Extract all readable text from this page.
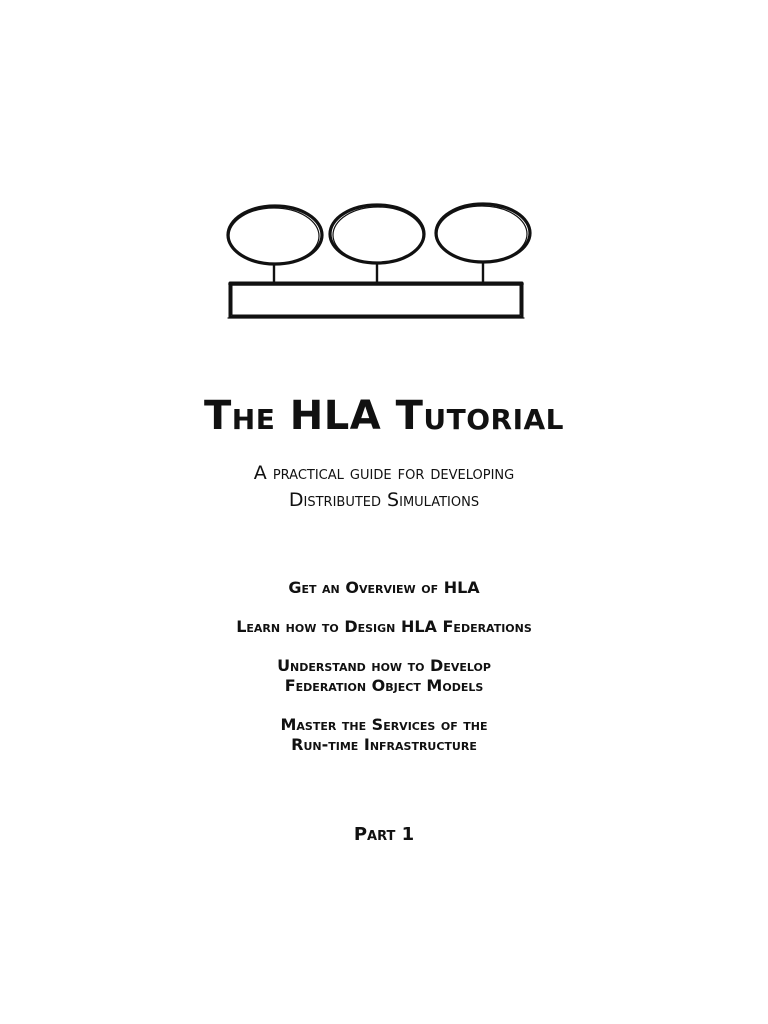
The HLA Tutorial
A practical guide for developing
Distributed Simulations
Get an Overview of HLA
Learn how to Design HLA Federations
Understand how to Develop
Federation Object Models
Master the Services of the
Run-time Infrastructure
Part 1
